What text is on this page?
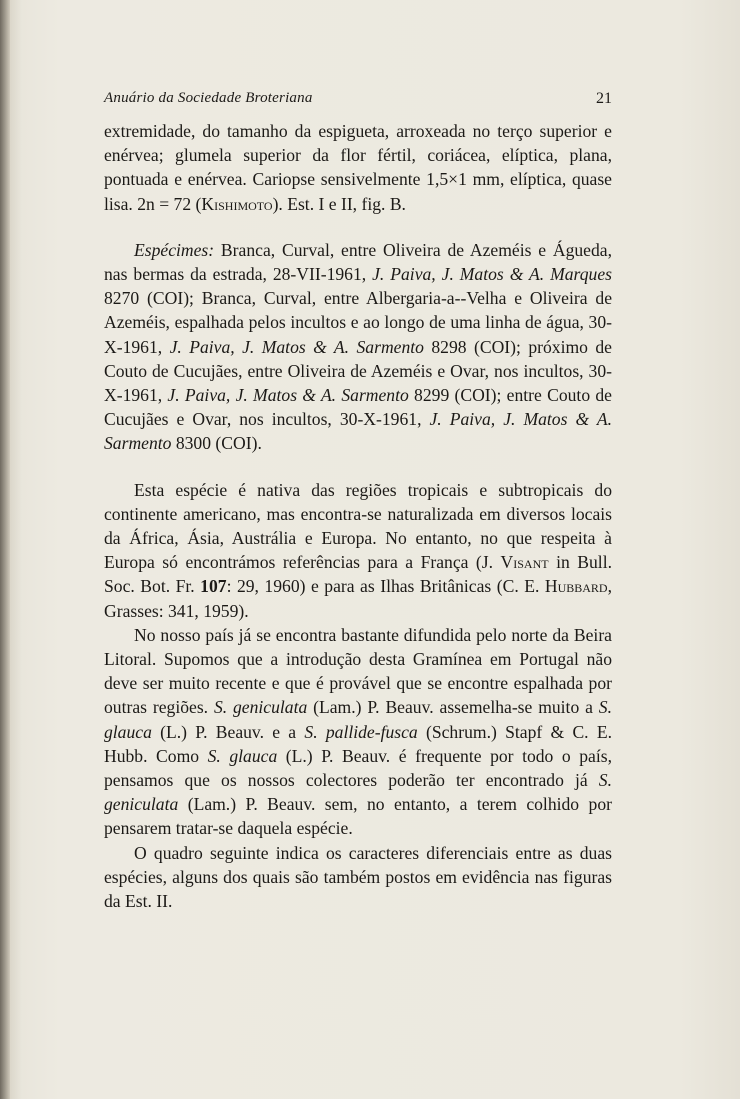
Anuário da Sociedade Broteriana	21

extremidade, do tamanho da espigueta, arroxeada no terço superior e enérvea; glumela superior da flor fértil, coriácea, elíptica, plana, pontuada e enérvea. Cariopse sensivelmente 1,5×1 mm, elíptica, quase lisa. 2n = 72 (Kishimoto). Est. I e II, fig. B.

Espécimes: Branca, Curval, entre Oliveira de Azeméis e Águeda, nas bermas da estrada, 28-VII-1961, J. Paiva, J. Matos & A. Marques 8270 (COI); Branca, Curval, entre Albergaria-a--Velha e Oliveira de Azeméis, espalhada pelos incultos e ao longo de uma linha de água, 30-X-1961, J. Paiva, J. Matos & A. Sarmento 8298 (COI); próximo de Couto de Cucujães, entre Oliveira de Azeméis e Ovar, nos incultos, 30-X-1961, J. Paiva, J. Matos & A. Sarmento 8299 (COI); entre Couto de Cucujães e Ovar, nos incultos, 30-X-1961, J. Paiva, J. Matos & A. Sarmento 8300 (COI).

Esta espécie é nativa das regiões tropicais e subtropicais do continente americano, mas encontra-se naturalizada em diversos locais da África, Ásia, Austrália e Europa. No entanto, no que respeita à Europa só encontrámos referências para a França (J. Visant in Bull. Soc. Bot. Fr. 107: 29, 1960) e para as Ilhas Britânicas (C. E. Hubbard, Grasses: 341, 1959).

No nosso país já se encontra bastante difundida pelo norte da Beira Litoral. Supomos que a introdução desta Gramínea em Portugal não deve ser muito recente e que é provável que se encontre espalhada por outras regiões. S. geniculata (Lam.) P. Beauv. assemelha-se muito a S. glauca (L.) P. Beauv. e a S. pallide-fusca (Schrum.) Stapf & C. E. Hubb. Como S. glauca (L.) P. Beauv. é frequente por todo o país, pensamos que os nossos colectores poderão ter encontrado já S. geniculata (Lam.) P. Beauv. sem, no entanto, a terem colhido por pensarem tratar-se daquela espécie.

O quadro seguinte indica os caracteres diferenciais entre as duas espécies, alguns dos quais são também postos em evidência nas figuras da Est. II.
